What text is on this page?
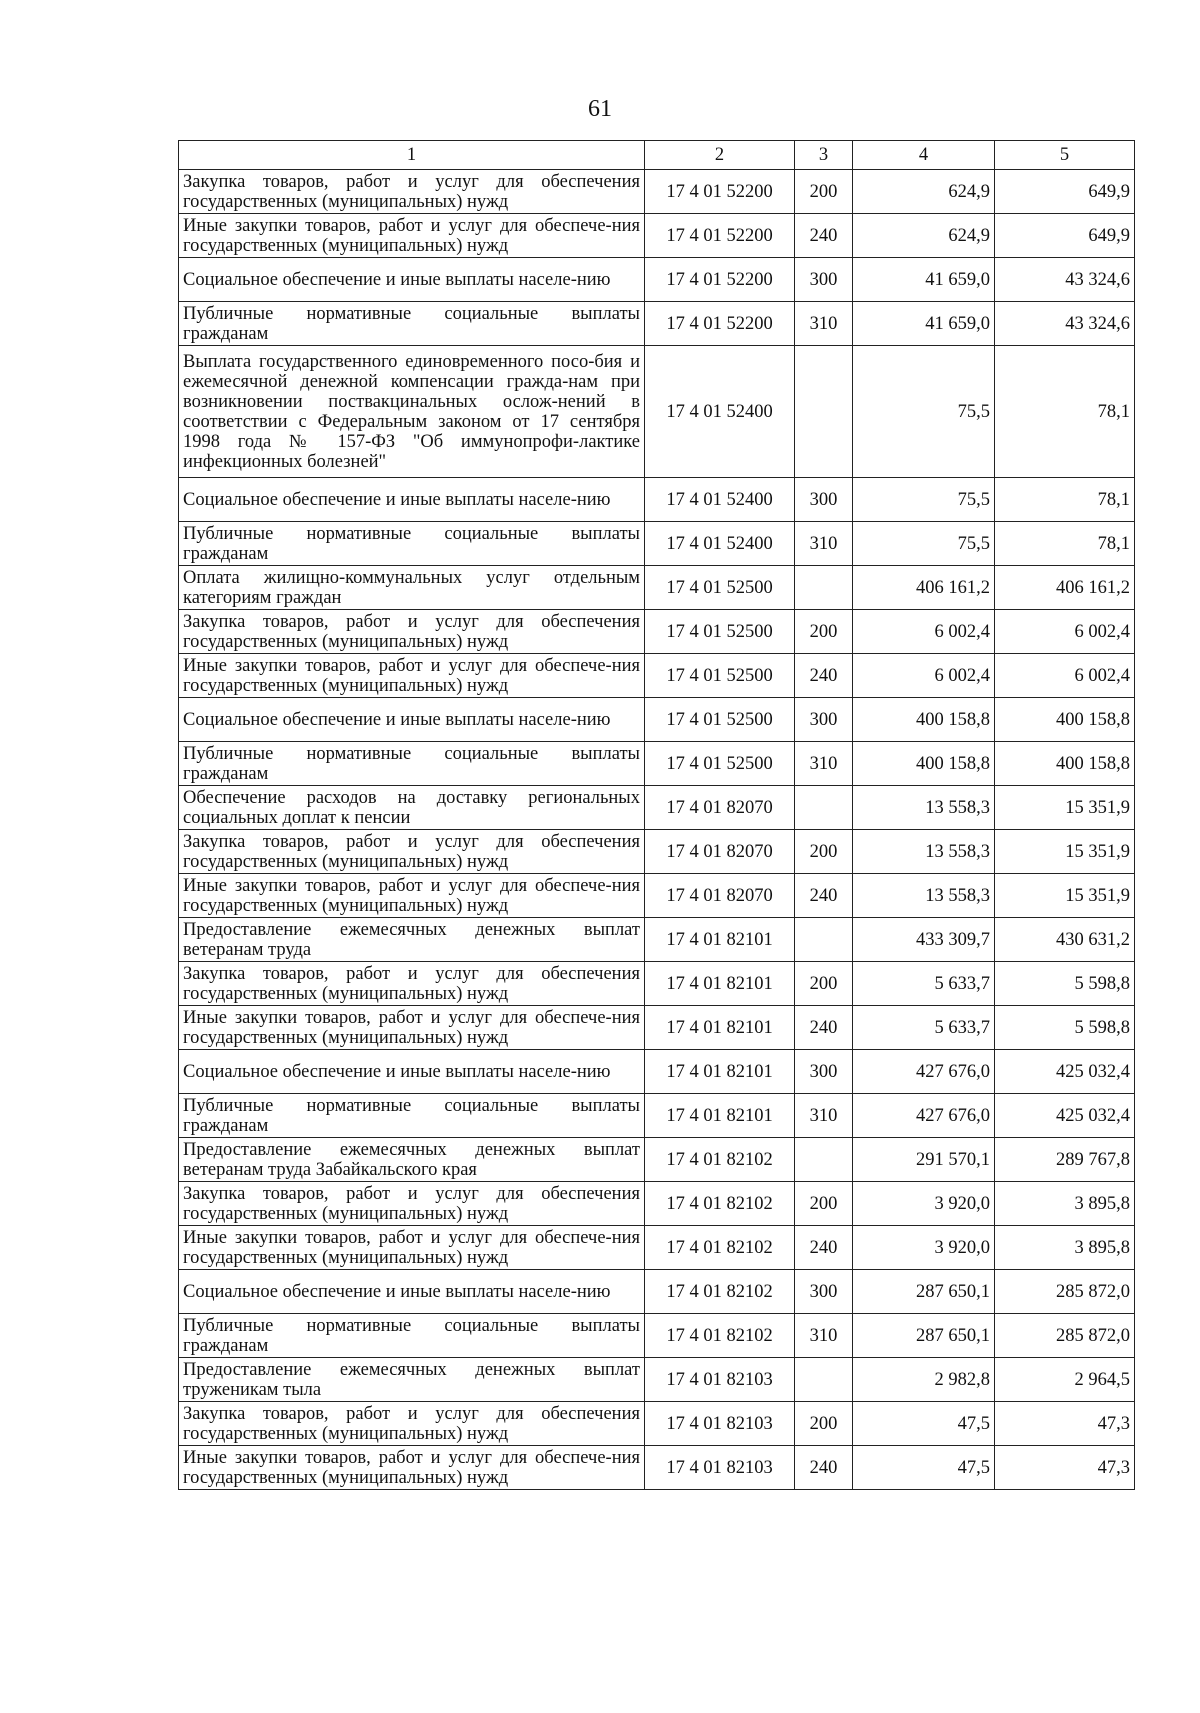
61
1	2	3	4	5
Закупка товаров, работ и услуг для обеспечения государственных (муниципальных) нужд	17 4 01 52200	200	624,9	649,9
Иные закупки товаров, работ и услуг для обеспече-ния государственных (муниципальных) нужд	17 4 01 52200	240	624,9	649,9
Социальное обеспечение и иные выплаты населе-нию	17 4 01 52200	300	41 659,0	43 324,6
Публичные нормативные социальные выплаты гражданам	17 4 01 52200	310	41 659,0	43 324,6
Выплата государственного единовременного посо-бия и ежемесячной денежной компенсации гражда-нам при возникновении поствакцинальных ослож-нений в соответствии с Федеральным законом от 17 сентября 1998 года № 157-ФЗ "Об иммунопрофи-лактике инфекционных болезней"	17 4 01 52400		75,5	78,1
Социальное обеспечение и иные выплаты населе-нию	17 4 01 52400	300	75,5	78,1
Публичные нормативные социальные выплаты гражданам	17 4 01 52400	310	75,5	78,1
Оплата жилищно-коммунальных услуг отдельным категориям граждан	17 4 01 52500		406 161,2	406 161,2
Закупка товаров, работ и услуг для обеспечения государственных (муниципальных) нужд	17 4 01 52500	200	6 002,4	6 002,4
Иные закупки товаров, работ и услуг для обеспече-ния государственных (муниципальных) нужд	17 4 01 52500	240	6 002,4	6 002,4
Социальное обеспечение и иные выплаты населе-нию	17 4 01 52500	300	400 158,8	400 158,8
Публичные нормативные социальные выплаты гражданам	17 4 01 52500	310	400 158,8	400 158,8
Обеспечение расходов на доставку региональных социальных доплат к пенсии	17 4 01 82070		13 558,3	15 351,9
Закупка товаров, работ и услуг для обеспечения государственных (муниципальных) нужд	17 4 01 82070	200	13 558,3	15 351,9
Иные закупки товаров, работ и услуг для обеспече-ния государственных (муниципальных) нужд	17 4 01 82070	240	13 558,3	15 351,9
Предоставление ежемесячных денежных выплат ветеранам труда	17 4 01 82101		433 309,7	430 631,2
Закупка товаров, работ и услуг для обеспечения государственных (муниципальных) нужд	17 4 01 82101	200	5 633,7	5 598,8
Иные закупки товаров, работ и услуг для обеспече-ния государственных (муниципальных) нужд	17 4 01 82101	240	5 633,7	5 598,8
Социальное обеспечение и иные выплаты населе-нию	17 4 01 82101	300	427 676,0	425 032,4
Публичные нормативные социальные выплаты гражданам	17 4 01 82101	310	427 676,0	425 032,4
Предоставление ежемесячных денежных выплат ветеранам труда Забайкальского края	17 4 01 82102		291 570,1	289 767,8
Закупка товаров, работ и услуг для обеспечения государственных (муниципальных) нужд	17 4 01 82102	200	3 920,0	3 895,8
Иные закупки товаров, работ и услуг для обеспече-ния государственных (муниципальных) нужд	17 4 01 82102	240	3 920,0	3 895,8
Социальное обеспечение и иные выплаты населе-нию	17 4 01 82102	300	287 650,1	285 872,0
Публичные нормативные социальные выплаты гражданам	17 4 01 82102	310	287 650,1	285 872,0
Предоставление ежемесячных денежных выплат труженикам тыла	17 4 01 82103		2 982,8	2 964,5
Закупка товаров, работ и услуг для обеспечения государственных (муниципальных) нужд	17 4 01 82103	200	47,5	47,3
Иные закупки товаров, работ и услуг для обеспече-ния государственных (муниципальных) нужд	17 4 01 82103	240	47,5	47,3
